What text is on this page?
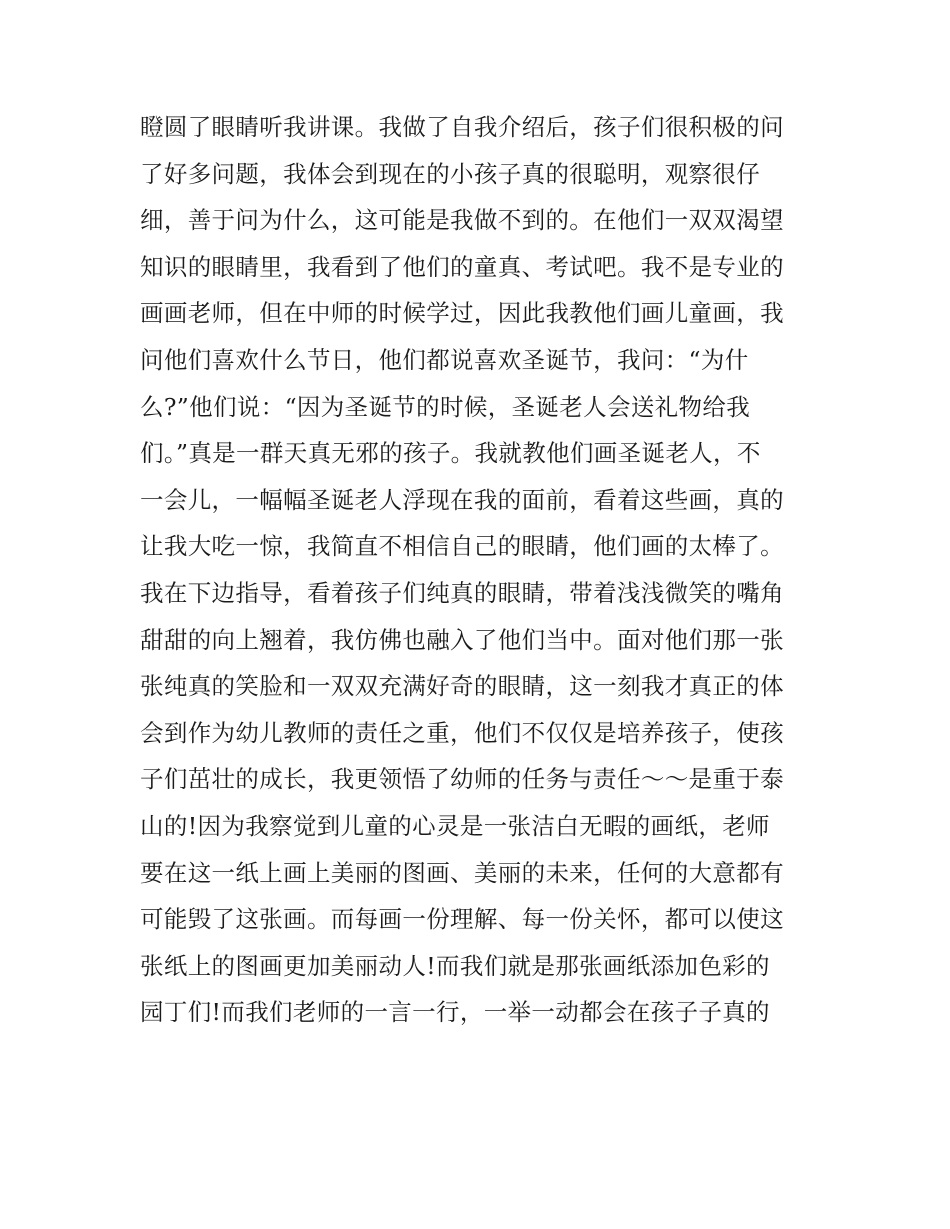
瞪圆了眼睛听我讲课。我做了自我介绍后，孩子们很积极的问
了好多问题，我体会到现在的小孩子真的很聪明，观察很仔
细，善于问为什么，这可能是我做不到的。在他们一双双渴望
知识的眼睛里，我看到了他们的童真、考试吧。我不是专业的
画画老师，但在中师的时候学过，因此我教他们画儿童画，我
问他们喜欢什么节日，他们都说喜欢圣诞节，我问：“为什
么?”他们说：“因为圣诞节的时候，圣诞老人会送礼物给我
们。”真是一群天真无邪的孩子。我就教他们画圣诞老人，不
一会儿，一幅幅圣诞老人浮现在我的面前，看着这些画，真的
让我大吃一惊，我简直不相信自己的眼睛，他们画的太棒了。
我在下边指导，看着孩子们纯真的眼睛，带着浅浅微笑的嘴角
甜甜的向上翘着，我仿佛也融入了他们当中。面对他们那一张
张纯真的笑脸和一双双充满好奇的眼睛，这一刻我才真正的体
会到作为幼儿教师的责任之重，他们不仅仅是培养孩子，使孩
子们茁壮的成长，我更领悟了幼师的任务与责任～～是重于泰
山的!因为我察觉到儿童的心灵是一张洁白无暇的画纸，老师
要在这一纸上画上美丽的图画、美丽的未来，任何的大意都有
可能毁了这张画。而每画一份理解、每一份关怀，都可以使这
张纸上的图画更加美丽动人!而我们就是那张画纸添加色彩的
园丁们!而我们老师的一言一行，一举一动都会在孩子子真的
